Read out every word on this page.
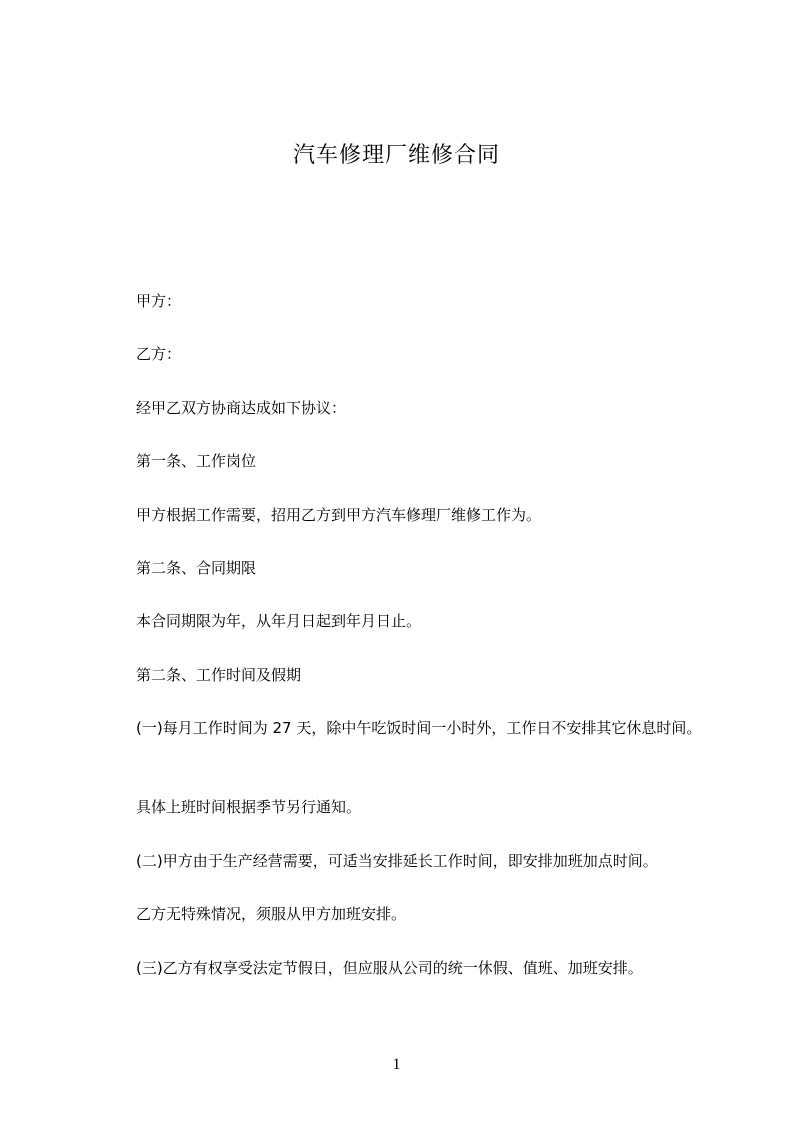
汽车修理厂维修合同
甲方：
乙方：
经甲乙双方协商达成如下协议：
第一条、工作岗位
甲方根据工作需要，招用乙方到甲方汽车修理厂维修工作为。
第二条、合同期限
本合同期限为年，从年月日起到年月日止。
第二条、工作时间及假期
(一)每月工作时间为 27 天，除中午吃饭时间一小时外，工作日不安排其它休息时间。
具体上班时间根据季节另行通知。
(二)甲方由于生产经营需要，可适当安排延长工作时间，即安排加班加点时间。
乙方无特殊情况，须服从甲方加班安排。
(三)乙方有权享受法定节假日，但应服从公司的统一休假、值班、加班安排。
1
